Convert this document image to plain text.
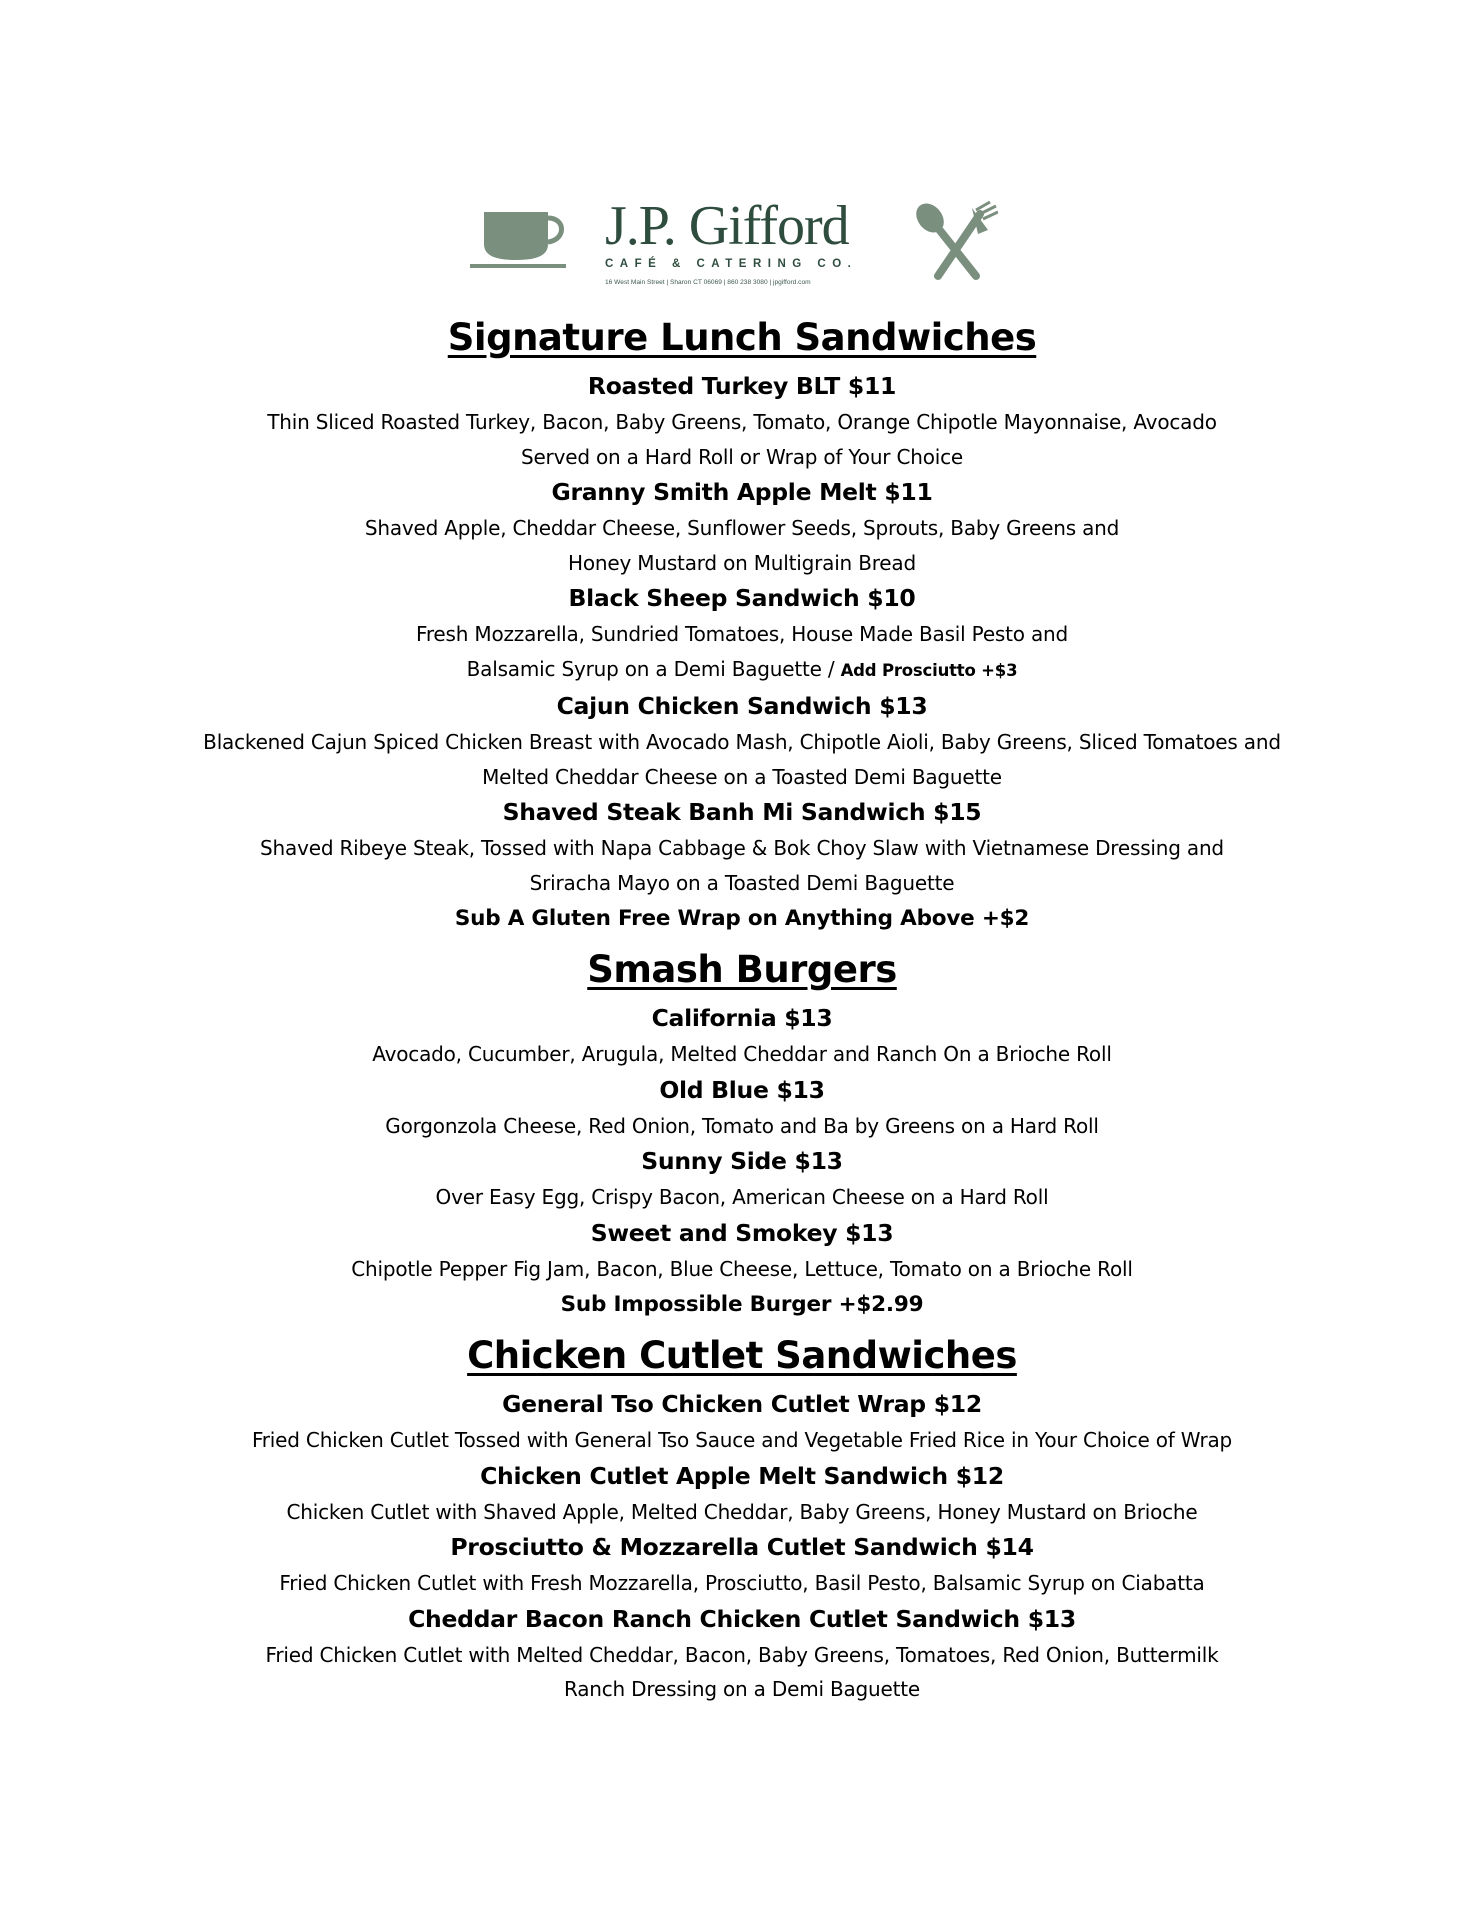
J.P. Gifford
CAFÉ & CATERING CO.
16 West Main Street | Sharon CT 06069 | 860 238 3080 | jpgifford.com
Signature Lunch Sandwiches

Roasted Turkey BLT $11

Thin Sliced Roasted Turkey, Bacon, Baby Greens, Tomato, Orange Chipotle Mayonnaise, Avocado
Served on a Hard Roll or Wrap of Your Choice

Granny Smith Apple Melt $11

Shaved Apple, Cheddar Cheese, Sunflower Seeds, Sprouts, Baby Greens and
Honey Mustard on Multigrain Bread

Black Sheep Sandwich $10

Fresh Mozzarella, Sundried Tomatoes, House Made Basil Pesto and
Balsamic Syrup on a Demi Baguette / Add Prosciutto +$3

Cajun Chicken Sandwich $13

Blackened Cajun Spiced Chicken Breast with Avocado Mash, Chipotle Aioli, Baby Greens, Sliced Tomatoes and
Melted Cheddar Cheese on a Toasted Demi Baguette

Shaved Steak Banh Mi Sandwich $15

Shaved Ribeye Steak, Tossed with Napa Cabbage & Bok Choy Slaw with Vietnamese Dressing and
Sriracha Mayo on a Toasted Demi Baguette

Sub A Gluten Free Wrap on Anything Above +$2

Smash Burgers

California $13

Avocado, Cucumber, Arugula, Melted Cheddar and Ranch On a Brioche Roll

Old Blue $13

Gorgonzola Cheese, Red Onion, Tomato and Ba by Greens on a Hard Roll

Sunny Side $13

Over Easy Egg, Crispy Bacon, American Cheese on a Hard Roll

Sweet and Smokey $13

Chipotle Pepper Fig Jam, Bacon, Blue Cheese, Lettuce, Tomato on a Brioche Roll

Sub Impossible Burger +$2.99

Chicken Cutlet Sandwiches

General Tso Chicken Cutlet Wrap $12

Fried Chicken Cutlet Tossed with General Tso Sauce and Vegetable Fried Rice in Your Choice of Wrap

Chicken Cutlet Apple Melt Sandwich $12

Chicken Cutlet with Shaved Apple, Melted Cheddar, Baby Greens, Honey Mustard on Brioche

Prosciutto & Mozzarella Cutlet Sandwich $14

Fried Chicken Cutlet with Fresh Mozzarella, Prosciutto, Basil Pesto, Balsamic Syrup on Ciabatta

Cheddar Bacon Ranch Chicken Cutlet Sandwich $13

Fried Chicken Cutlet with Melted Cheddar, Bacon, Baby Greens, Tomatoes, Red Onion, Buttermilk
Ranch Dressing on a Demi Baguette
